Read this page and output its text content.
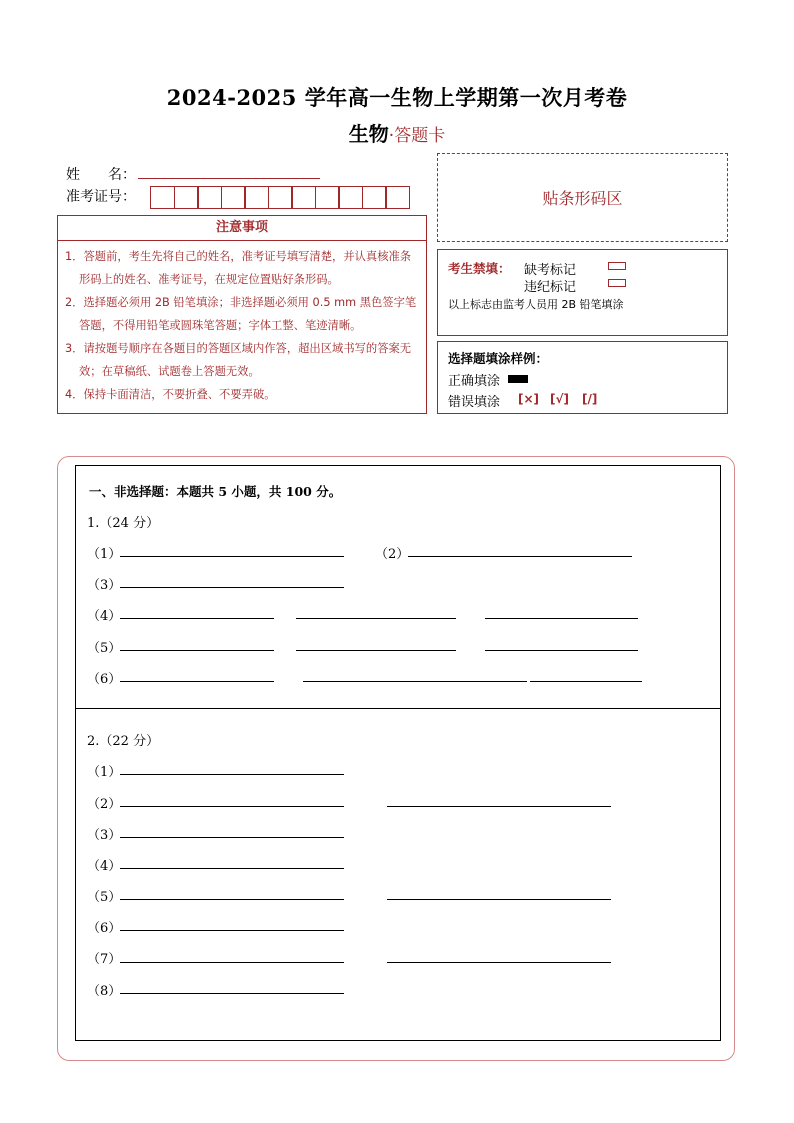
2024-2025 学年高一生物上学期第一次月考卷
生物·答题卡
姓　　名：
准考证号：	贴条形码区
注意事项
1．答题前，考生先将自己的姓名，准考证号填写清楚，并认真核准条形码上的姓名、准考证号，在规定位置贴好条形码。
2．选择题必须用 2B 铅笔填涂；非选择题必须用 0.5 mm 黑色签字笔答题，不得用铅笔或圆珠笔答题；字体工整、笔迹清晰。
3．请按题号顺序在各题目的答题区域内作答，超出区域书写的答案无效；在草稿纸、试题卷上答题无效。
4．保持卡面清洁，不要折叠、不要弄破。
考生禁填： 缺考标记
违纪标记
以上标志由监考人员用 2B 铅笔填涂
选择题填涂样例：
正确填涂
错误填涂 [×] [√] [/]
一、非选择题：本题共 5 小题，共 100 分。
1.（24 分）
（1）	（2）
（3）
（4）
（5）
（6）
2.（22 分）
（1）
（2）
（3）
（4）
（5）
（6）
（7）
（8）
